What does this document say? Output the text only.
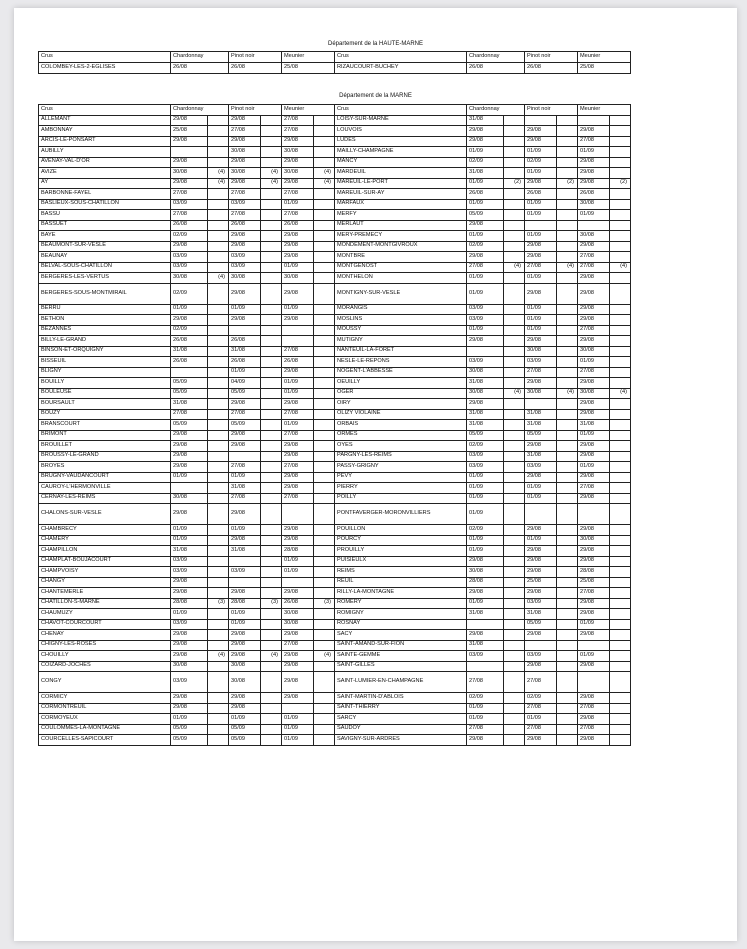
Département de la HAUTE-MARNE
Crus	Chardonnay	Pinot noir	Meunier	Crus	Chardonnay	Pinot noir	Meunier
COLOMBEY-LES-2-EGLISES	26/08	26/08	25/08	RIZAUCOURT-BUCHEY	26/08	26/08	25/08
Département de la MARNE
Crus	Chardonnay		Pinot noir		Meunier		Crus	Chardonnay		Pinot noir		Meunier	
ALLEMANT	29/08		29/08		27/08		LOISY-SUR-MARNE	31/08					
AMBONNAY	25/08		27/08		27/08		LOUVOIS	29/08		29/08		29/08	
ARCIS-LE-PONSART	29/08		29/08		29/08		LUDES	29/08		29/08		27/08	
AUBILLY			30/08		30/08		MAILLY-CHAMPAGNE	01/09		01/09		01/09	
AVENAY-VAL-D'OR	29/08		29/08		29/08		MANCY	02/09		02/09		29/08	
AVIZE	30/08	(4)	30/08	(4)	30/08	(4)	MARDEUIL	31/08		01/09		29/08	
AY	29/08	(4)	29/08	(4)	29/08	(4)	MAREUIL-LE-PORT	01/09	(2)	29/08	(2)	29/08	(2)
BARBONNE-FAYEL	27/08		27/08		27/08		MAREUIL-SUR-AY	26/08		26/08		26/08	
BASLIEUX-SOUS-CHATILLON	03/09		03/09		01/09		MARFAUX	01/09		01/09		30/08	
BASSU	27/08		27/08		27/08		MERFY	05/09		01/09		01/09	
BASSUET	26/08		26/08		26/08		MERLAUT	29/08					
BAYE	02/09		29/08		29/08		MERY-PREMECY	01/09		01/09		30/08	
BEAUMONT-SUR-VESLE	29/08		29/08		29/08		MONDEMENT-MONTGIVROUX	02/09		29/08		29/08	
BEAUNAY	03/09		03/09		29/08		MONTBRE	29/08		29/08		27/08	
BELVAL-SOUS-CHATILLON	03/09		03/09		01/09		MONTGENOST	27/08	(4)	27/08	(4)	27/08	(4)
BERGERES-LES-VERTUS	30/08	(4)	30/08		30/08		MONTHELON	01/09		01/09		29/08	
BERGERES-SOUS-MONTMIRAIL	02/09		29/08		29/08		MONTIGNY-SUR-VESLE	01/09		29/08		29/08	
BERRU	01/09		01/09		01/09		MORANGIS	03/09		01/09		29/08	
BETHON	29/08		29/08		29/08		MOSLINS	03/09		01/09		29/08	
BEZANNES	02/09						MOUSSY	01/09		01/09		27/08	
BILLY-LE-GRAND	26/08		26/08				MUTIGNY	29/08		29/08		29/08	
BINSON-ET-ORQUIGNY	31/08		31/08		27/08		NANTEUIL-LA-FORET			30/08		30/08	
BISSEUIL	26/08		26/08		26/08		NESLE-LE-REPONS	03/09		03/09		01/09	
BLIGNY			01/09		29/08		NOGENT-L'ABBESSE	30/08		27/08		27/08	
BOUILLY	05/09		04/09		01/09		OEUILLY	31/08		29/08		29/08	
BOULEUSE	05/09		05/09		01/09		OGER	30/08	(4)	30/08	(4)	30/08	(4)
BOURSAULT	31/08		29/08		29/08		OIRY	29/08				29/08	
BOUZY	27/08		27/08		27/08		OLIZY VIOLAINE	31/08		31/08		29/08	
BRANSCOURT	05/09		05/09		01/09		ORBAIS	31/08		31/08		31/08	
BRIMONT	29/08		29/08		27/08		ORMES	05/09		05/09		01/09	
BROUILLET	29/08		29/08		29/08		OYES	02/09		29/08		29/08	
BROUSSY-LE-GRAND	29/08				29/08		PARGNY-LES-REIMS	03/09		31/08		29/08	
BROYES	29/08		27/08		27/08		PASSY-GRIGNY	03/09		03/09		01/09	
BRUGNY-VAUDANCOURT	01/09		01/09		29/08		PEVY	01/09		29/08		29/08	
CAUROY-L'HERMONVILLE			31/08		29/08		PIERRY	01/09		01/09		27/08	
CERNAY-LES-REIMS	30/08		27/08		27/08		POILLY	01/09		01/09		29/08	
CHALONS-SUR-VESLE	29/08		29/08				PONTFAVERGER-MORONVILLIERS	01/09					
CHAMBRECY	01/09		01/09		29/08		POUILLON	02/09		29/08		29/08	
CHAMERY	01/09		29/08		29/08		POURCY	01/09		01/09		30/08	
CHAMPILLON	31/08		31/08		28/08		PROUILLY	01/09		29/08		29/08	
CHAMPLAT-BOUJACOURT	03/09				01/09		PUISIEULX	29/08		29/08		29/08	
CHAMPVOISY	03/09		03/09		01/09		REIMS	30/08		29/08		28/08	
CHANGY	29/08						REUIL	28/08		25/08		25/08	
CHANTEMERLE	29/08		29/08		29/08		RILLY-LA-MONTAGNE	29/08		29/08		27/08	
CHATILLON-S-MARNE	28/08	(3)	28/08	(3)	26/08	(3)	ROMERY	01/09		03/09		29/08	
CHAUMUZY	01/09		01/09		30/08		ROMIGNY	31/08		31/08		29/08	
CHAVOT-COURCOURT	03/09		01/09		30/08		ROSNAY			05/09		01/09	
CHENAY	29/08		29/08		29/08		SACY	29/08		29/08		29/08	
CHIGNY-LES-ROSES	29/08		29/08		27/08		SAINT-AMAND-SUR-FION	31/08					
CHOUILLY	29/08	(4)	29/08	(4)	29/08	(4)	SAINTE-GEMME	03/09		03/09		01/09	
COIZARD-JOCHES	30/08		30/08		29/08		SAINT-GILLES			29/08		29/08	
CONGY	03/09		30/08		29/08		SAINT-LUMIER-EN-CHAMPAGNE	27/08		27/08			
CORMICY	29/08		29/08		29/08		SAINT-MARTIN-D'ABLOIS	02/09		02/09		29/08	
CORMONTREUIL	29/08		29/08				SAINT-THIERRY	01/09		27/08		27/08	
CORMOYEUX	01/09		01/09		01/09		SARCY	01/09		01/09		29/08	
COULOMMES-LA-MONTAGNE	05/09		05/09		01/09		SAUDOY	27/08		27/08		27/08	
COURCELLES-SAPICOURT	05/09		05/09		01/09		SAVIGNY-SUR-ARDRES	29/08		29/08		29/08	
